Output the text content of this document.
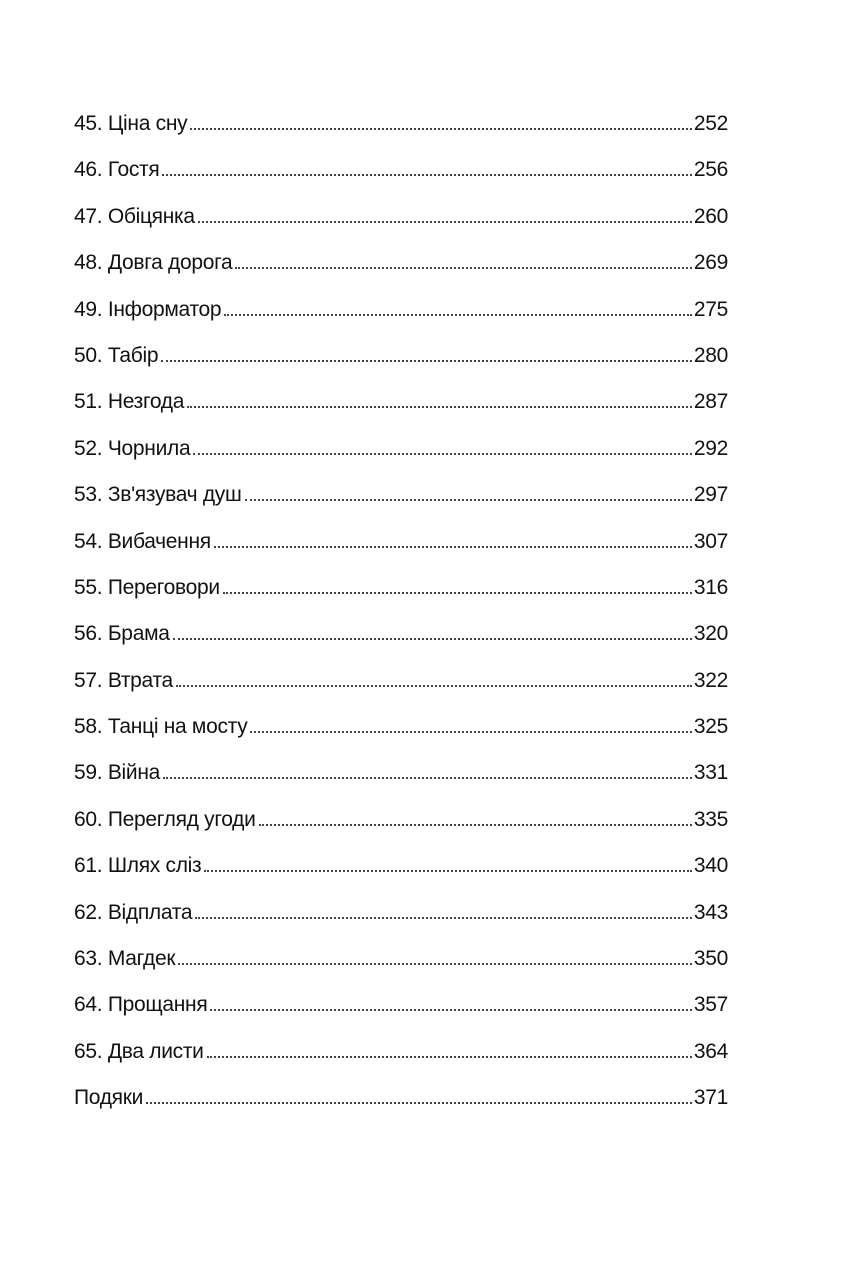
45. Ціна сну	252
46. Гостя	256
47. Обіцянка	260
48. Довга дорога	269
49. Інформатор	275
50. Табір	280
51. Незгода	287
52. Чорнила	292
53. Зв'язувач душ	297
54. Вибачення	307
55. Переговори	316
56. Брама	320
57. Втрата	322
58. Танці на мосту	325
59. Війна	331
60. Перегляд угоди	335
61. Шлях сліз	340
62. Відплата	343
63. Магдек	350
64. Прощання	357
65. Два листи	364
Подяки	371
